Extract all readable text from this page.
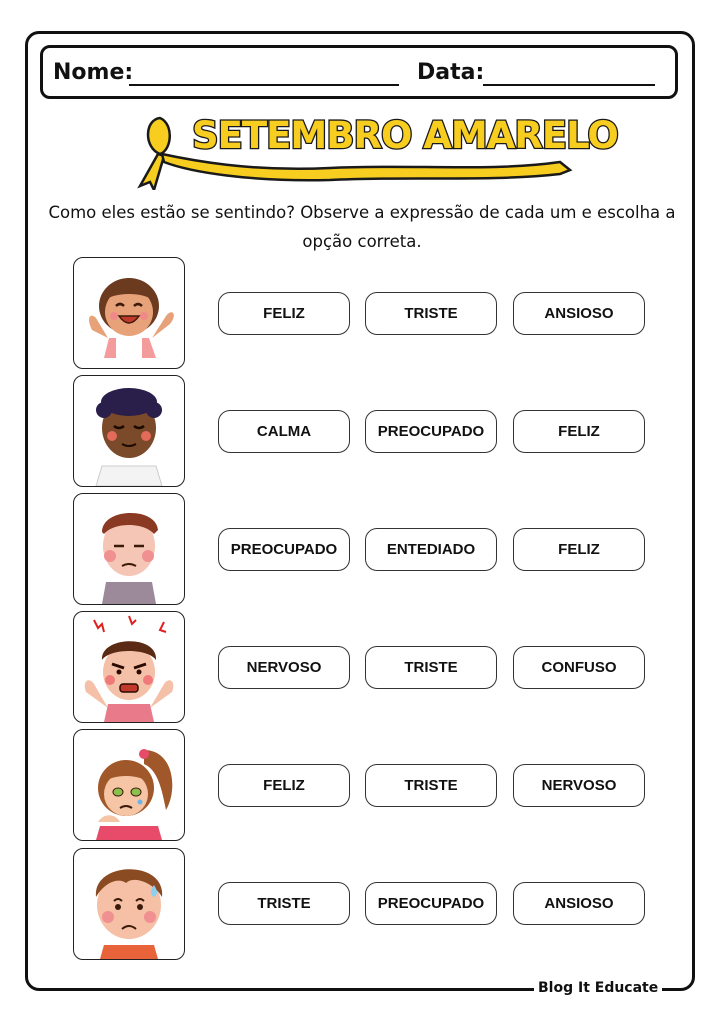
Nome:	Data:
SETEMBRO AMARELO
Como eles estão se sentindo? Observe a expressão de cada um e escolha a opção correta.
FELIZ	TRISTE	ANSIOSO
CALMA	PREOCUPADO	FELIZ
PREOCUPADO	ENTEDIADO	FELIZ
NERVOSO	TRISTE	CONFUSO
FELIZ	TRISTE	NERVOSO
TRISTE	PREOCUPADO	ANSIOSO
Blog It Educate
